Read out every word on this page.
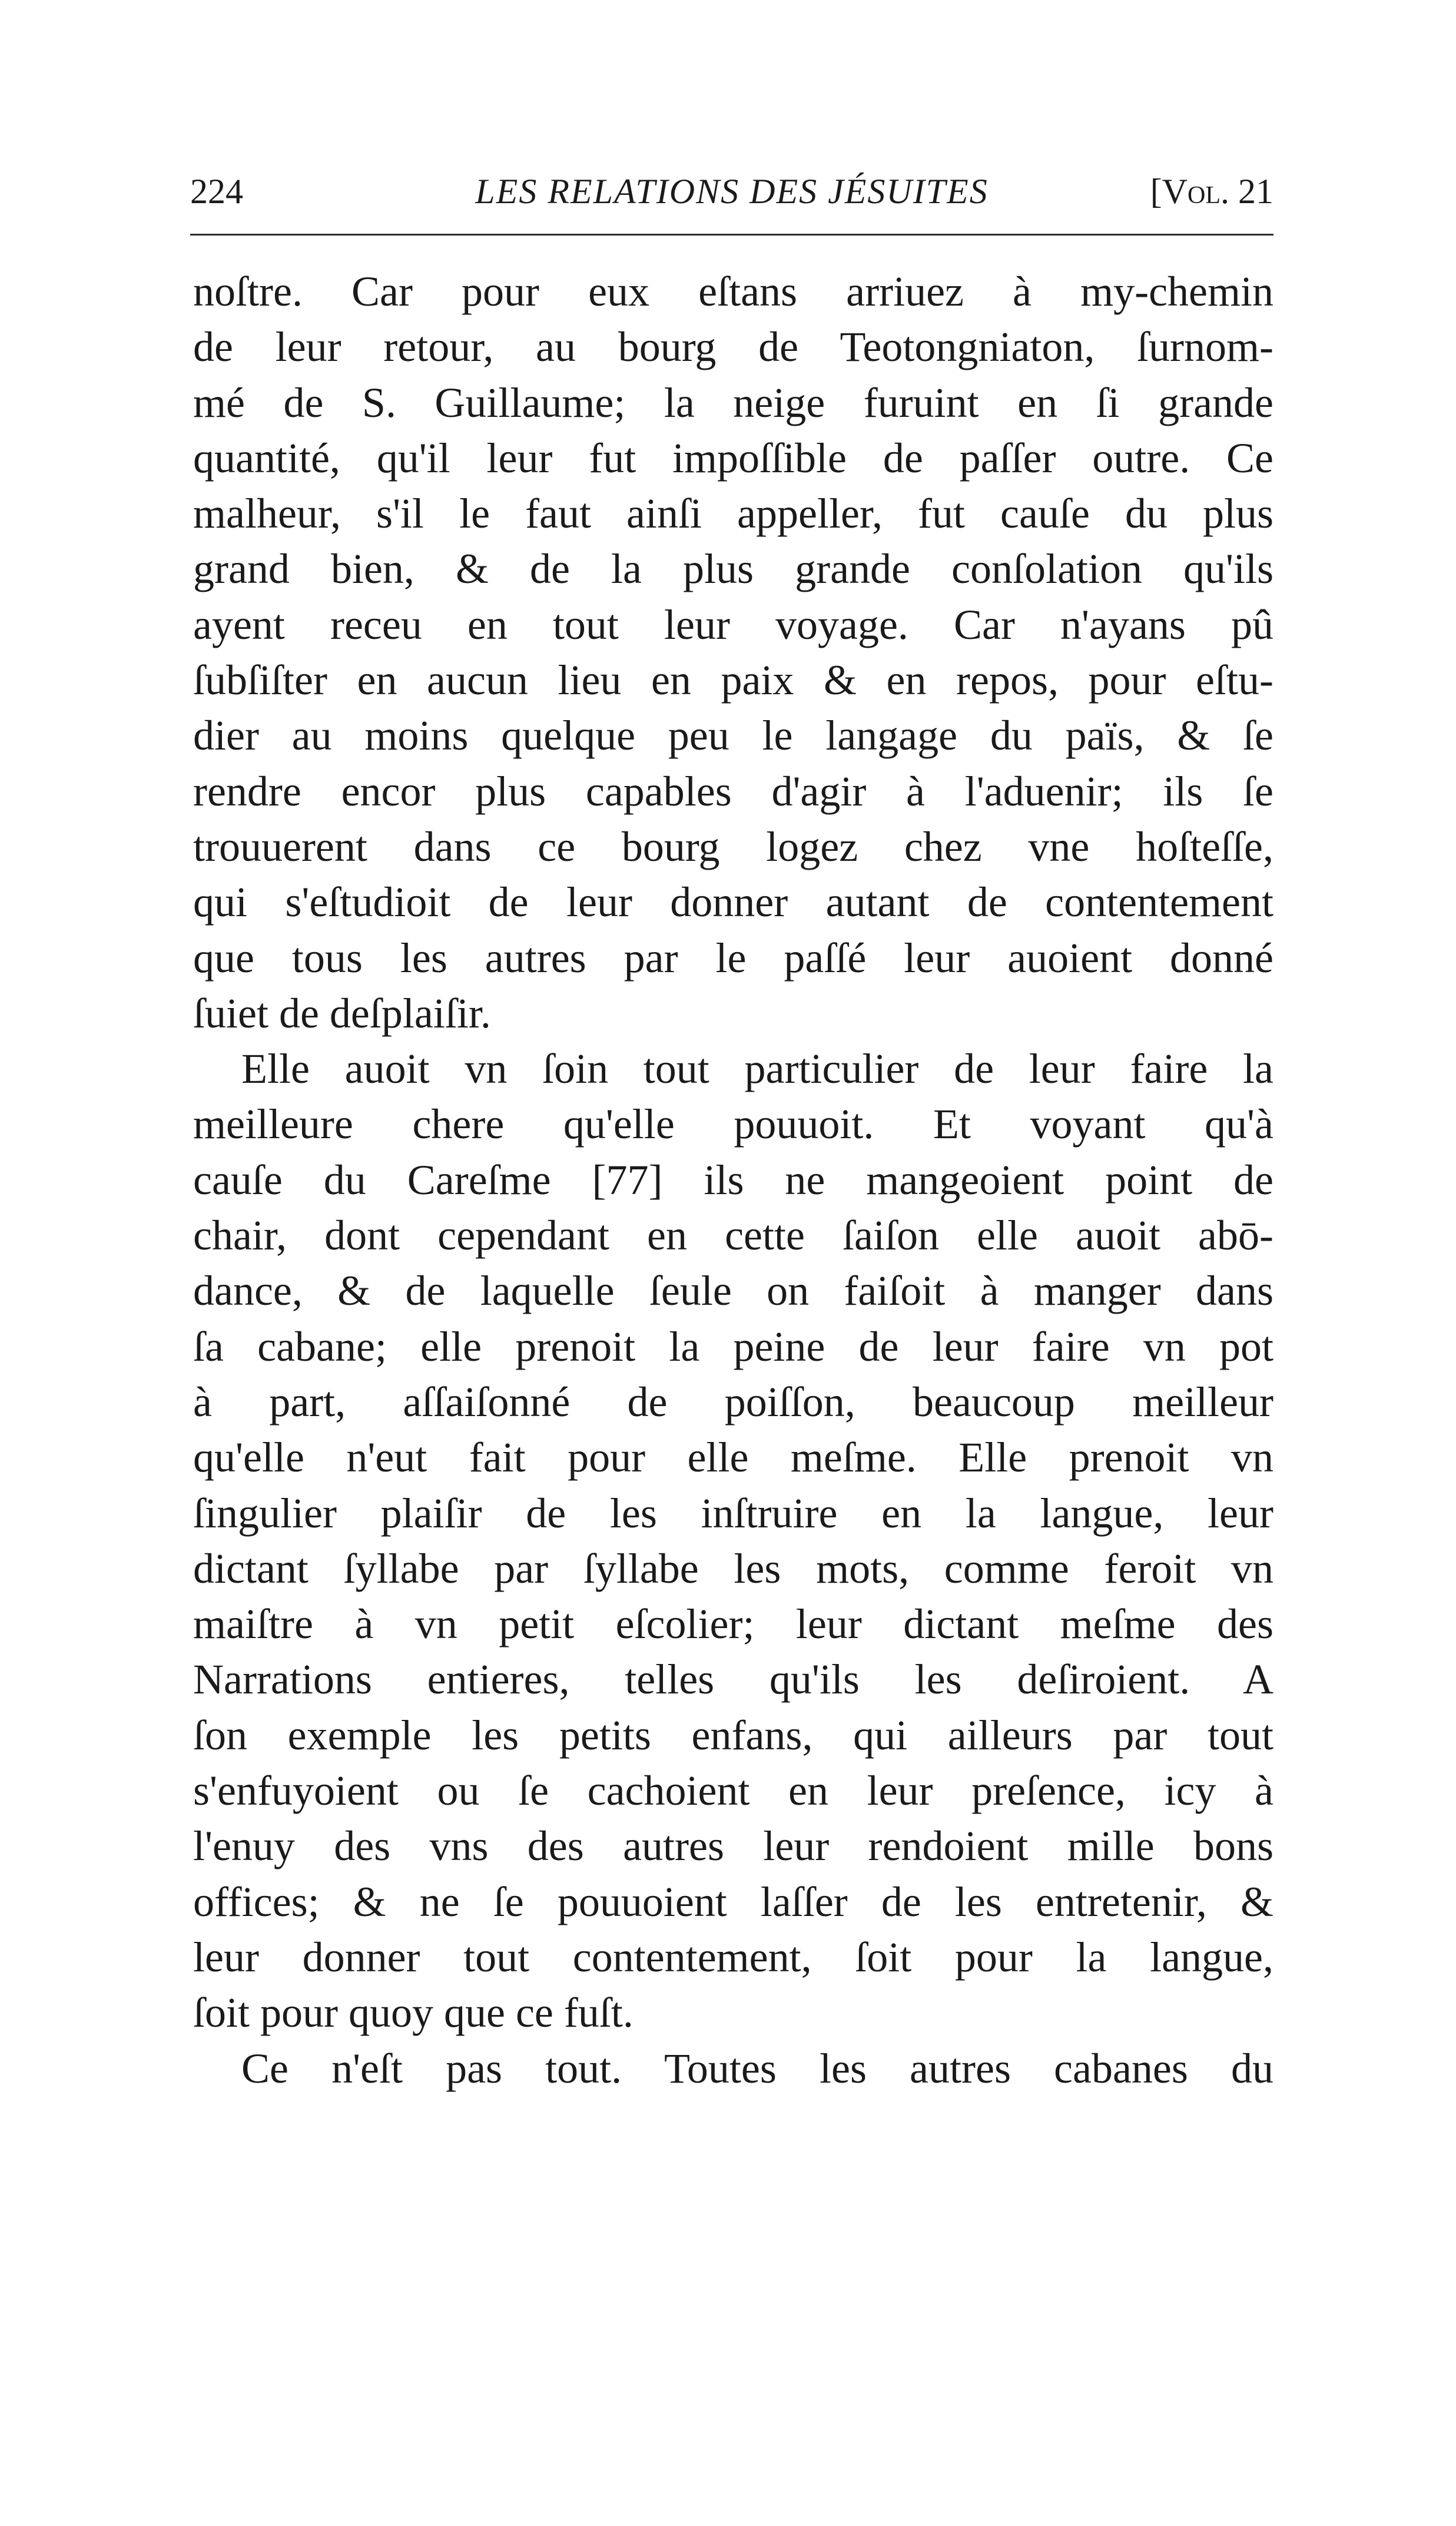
224	LES RELATIONS DES JÉSUITES	[Vol. 21
noſtre. Car pour eux eſtans arriuez à my-chemin
de leur retour, au bourg de Teotongniaton, ſurnom-
mé de S. Guillaume; la neige furuint en ſi grande
quantité, qu'il leur fut impoſſible de paſſer outre. Ce
malheur, s'il le faut ainſi appeller, fut cauſe du plus
grand bien, & de la plus grande conſolation qu'ils
ayent receu en tout leur voyage. Car n'ayans pû
ſubſiſter en aucun lieu en paix & en repos, pour eſtu-
dier au moins quelque peu le langage du païs, & ſe
rendre encor plus capables d'agir à l'aduenir; ils ſe
trouuerent dans ce bourg logez chez vne hoſteſſe,
qui s'eſtudioit de leur donner autant de contentement
que tous les autres par le paſſé leur auoient donné
ſuiet de deſplaiſir.
Elle auoit vn ſoin tout particulier de leur faire la
meilleure chere qu'elle pouuoit. Et voyant qu'à
cauſe du Careſme [77] ils ne mangeoient point de
chair, dont cependant en cette ſaiſon elle auoit abō-
dance, & de laquelle ſeule on faiſoit à manger dans
ſa cabane; elle prenoit la peine de leur faire vn pot
à part, aſſaiſonné de poiſſon, beaucoup meilleur
qu'elle n'eut fait pour elle meſme. Elle prenoit vn
ſingulier plaiſir de les inſtruire en la langue, leur
dictant ſyllabe par ſyllabe les mots, comme feroit vn
maiſtre à vn petit eſcolier; leur dictant meſme des
Narrations entieres, telles qu'ils les deſiroient. A
ſon exemple les petits enfans, qui ailleurs par tout
s'enfuyoient ou ſe cachoient en leur preſence, icy à
l'enuy des vns des autres leur rendoient mille bons
offices; & ne ſe pouuoient laſſer de les entretenir, &
leur donner tout contentement, ſoit pour la langue,
ſoit pour quoy que ce fuſt.
Ce n'eſt pas tout. Toutes les autres cabanes du
